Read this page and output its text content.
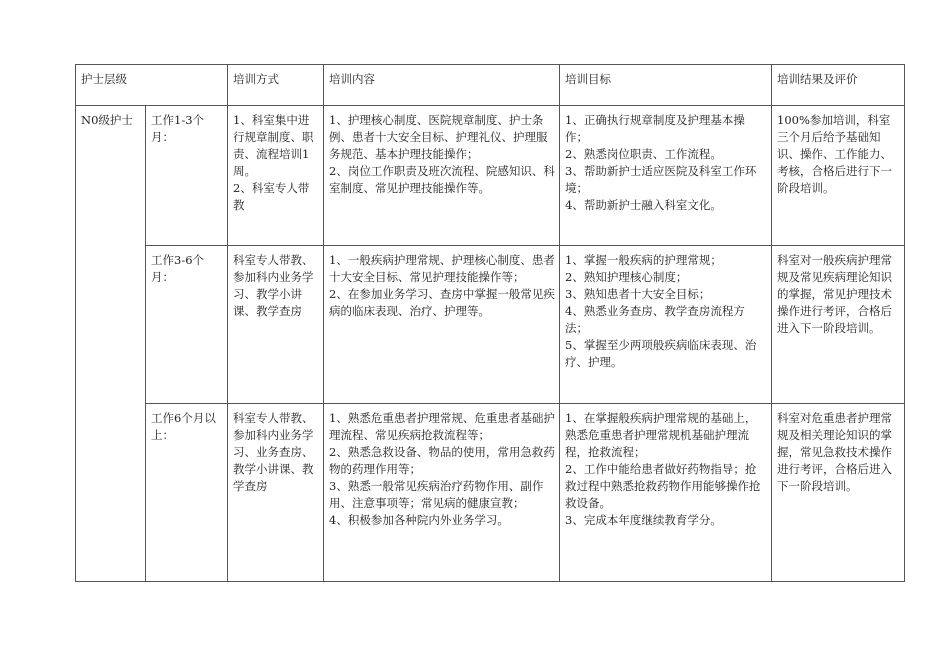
护士层级		培训方式	培训内容	培训目标	培训结果及评价

N0级护士	工作1-3个月：	1、科室集中进行规章制度、职责、流程培训1周。
2、科室专人带教	1、护理核心制度、医院规章制度、护士条例、患者十大安全目标、护理礼仪、护理服务规范、基本护理技能操作；
2、岗位工作职责及班次流程、院感知识、科室制度、常见护理技能操作等。	1、正确执行规章制度及护理基本操作；
2、熟悉岗位职责、工作流程。
3、帮助新护士适应医院及科室工作环境；
4、帮助新护士融入科室文化。	100%参加培训，科室三个月后给予基础知识、操作、工作能力、考核，合格后进行下一阶段培训。

	工作3-6个月：	科室专人带教、参加科内业务学习、教学小讲课、教学查房	1、一般疾病护理常规、护理核心制度、患者十大安全目标、常见护理技能操作等；
2、在参加业务学习、查房中掌握一般常见疾病的临床表现、治疗、护理等。	1、掌握一般疾病的护理常规；
2、熟知护理核心制度；
3、熟知患者十大安全目标；
4、熟悉业务查房、教学查房流程方法；
5、掌握至少两项般疾病临床表现、治疗、护理。	科室对一般疾病护理常规及常见疾病理论知识的掌握，常见护理技术操作进行考评，合格后进入下一阶段培训。

	工作6个月以上：	科室专人带教、参加科内业务学习、业务查房、教学小讲课、教学查房	1、熟悉危重患者护理常规、危重患者基础护理流程、常见疾病抢救流程等；
2、熟悉急救设备、物品的使用，常用急救药物的药理作用等；
3、熟悉一般常见疾病治疗药物作用、副作用、注意事项等；常见病的健康宣教；
4、积极参加各种院内外业务学习。	1、在掌握般疾病护理常规的基础上，熟悉危重患者护理常规机基础护理流程，抢救流程；
2、工作中能给患者做好药物指导；抢救过程中熟悉抢救药物作用能够操作抢救设备。
3、完成本年度继续教育学分。	科室对危重患者护理常规及相关理论知识的掌握，常见急救技术操作进行考评，合格后进入下一阶段培训。
